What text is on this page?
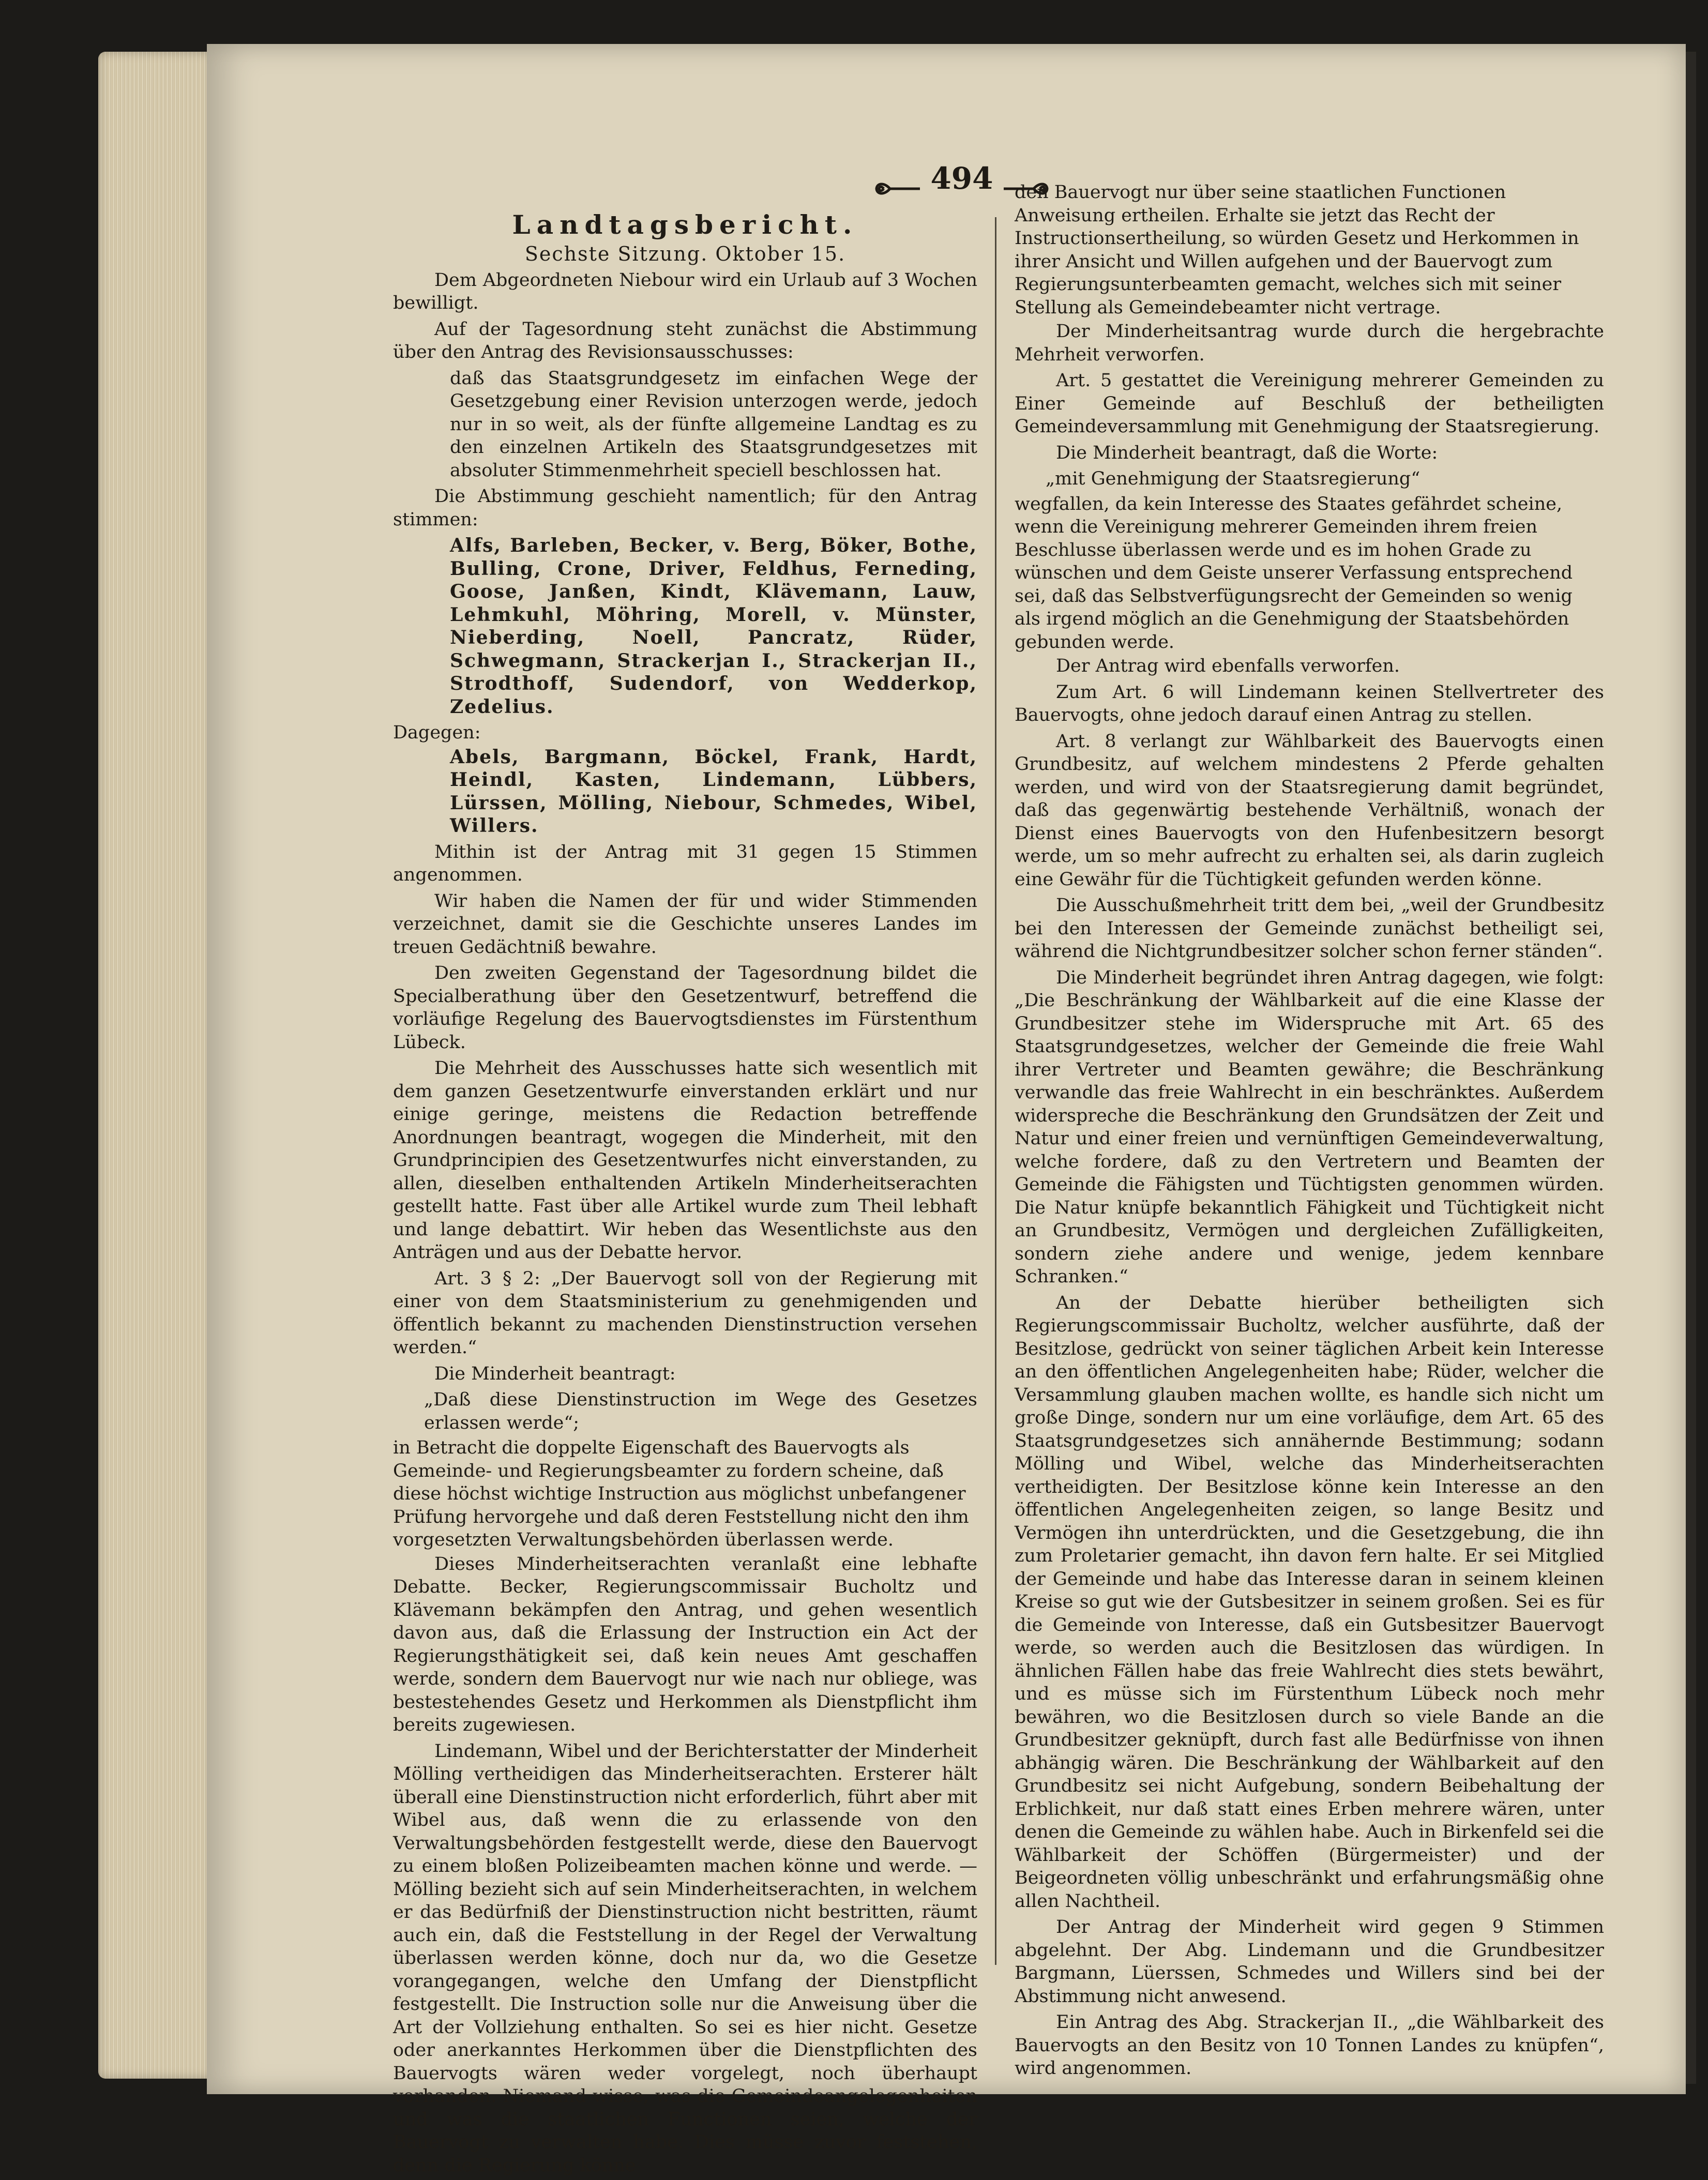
494
Landtagsbericht.
Sechste Sitzung. Oktober 15.

Dem Abgeordneten Niebour wird ein Urlaub auf 3 Wochen bewilligt.

Auf der Tagesordnung steht zunächst die Abstimmung über den Antrag des Revisionsausschusses:

daß das Staatsgrundgesetz im einfachen Wege der Gesetzgebung einer Revision unterzogen werde, jedoch nur in so weit, als der fünfte allgemeine Landtag es zu den einzelnen Artikeln des Staatsgrundgesetzes mit absoluter Stimmenmehrheit speciell beschlossen hat.

Die Abstimmung geschieht namentlich; für den Antrag stimmen:

Alfs, Barleben, Becker, v. Berg, Böker, Bothe, Bulling, Crone, Driver, Feldhus, Ferneding, Goose, Janßen, Kindt, Klävemann, Lauw, Lehmkuhl, Möhring, Morell, v. Münster, Nieberding, Noell, Pancratz, Rüder, Schwegmann, Strackerjan I., Strackerjan II., Strodthoff, Sudendorf, von Wedderkop, Zedelius.

Dagegen:

Abels, Bargmann, Böckel, Frank, Hardt, Heindl, Kasten, Lindemann, Lübbers, Lürssen, Mölling, Niebour, Schmedes, Wibel, Willers.

Mithin ist der Antrag mit 31 gegen 15 Stimmen angenommen.

Wir haben die Namen der für und wider Stimmenden verzeichnet, damit sie die Geschichte unseres Landes im treuen Gedächtniß bewahre.

Den zweiten Gegenstand der Tagesordnung bildet die Specialberathung über den Gesetzentwurf, betreffend die vorläufige Regelung des Bauervogtsdienstes im Fürstenthum Lübeck.

Die Mehrheit des Ausschusses hatte sich wesentlich mit dem ganzen Gesetzentwurfe einverstanden erklärt und nur einige geringe, meistens die Redaction betreffende Anordnungen beantragt, wogegen die Minderheit, mit den Grundprincipien des Gesetzentwurfes nicht einverstanden, zu allen, dieselben enthaltenden Artikeln Minderheitserachten gestellt hatte. Fast über alle Artikel wurde zum Theil lebhaft und lange debattirt. Wir heben das Wesentlichste aus den Anträgen und aus der Debatte hervor.

Art. 3 § 2: „Der Bauervogt soll von der Regierung mit einer von dem Staatsministerium zu genehmigenden und öffentlich bekannt zu machenden Dienstinstruction versehen werden.“

Die Minderheit beantragt:

„Daß diese Dienstinstruction im Wege des Gesetzes erlassen werde“;

in Betracht die doppelte Eigenschaft des Bauervogts als Gemeinde- und Regierungsbeamter zu fordern scheine, daß diese höchst wichtige Instruction aus möglichst unbefangener Prüfung hervorgehe und daß deren Feststellung nicht den ihm vorgesetzten Verwaltungsbehörden überlassen werde.

Dieses Minderheitserachten veranlaßt eine lebhafte Debatte. Becker, Regierungscommissair Bucholtz und Klävemann bekämpfen den Antrag, und gehen wesentlich davon aus, daß die Erlassung der Instruction ein Act der Regierungsthätigkeit sei, daß kein neues Amt geschaffen werde, sondern dem Bauervogt nur wie nach nur obliege, was bestestehendes Gesetz und Herkommen als Dienstpflicht ihm bereits zugewiesen.

Lindemann, Wibel und der Berichterstatter der Minderheit Mölling vertheidigen das Minderheitserachten. Ersterer hält überall eine Dienstinstruction nicht erforderlich, führt aber mit Wibel aus, daß wenn die zu erlassende von den Verwaltungsbehörden festgestellt werde, diese den Bauervogt zu einem bloßen Polizeibeamten machen könne und werde. — Mölling bezieht sich auf sein Minderheitserachten, in welchem er das Bedürfniß der Dienstinstruction nicht bestritten, räumt auch ein, daß die Feststellung in der Regel der Verwaltung überlassen werden könne, doch nur da, wo die Gesetze vorangegangen, welche den Umfang der Dienstpflicht festgestellt. Die Instruction solle nur die Anweisung über die Art der Vollziehung enthalten. So sei es hier nicht. Gesetze oder anerkanntes Herkommen über die Dienstpflichten des Bauervogts wären weder vorgelegt, noch überhaupt vorhanden. Niemand wisse, was die Gemeindeangelegenheiten und was die staatlichen Functionen seien, welche der Bauervogt zu verwalten habe. Dies müsse zuvor feststehen, denn die Regierung könne

den Bauervogt nur über seine staatlichen Functionen Anweisung ertheilen. Erhalte sie jetzt das Recht der Instructionsertheilung, so würden Gesetz und Herkommen in ihrer Ansicht und Willen aufgehen und der Bauervogt zum Regierungsunterbeamten gemacht, welches sich mit seiner Stellung als Gemeindebeamter nicht vertrage.

Der Minderheitsantrag wurde durch die hergebrachte Mehrheit verworfen.

Art. 5 gestattet die Vereinigung mehrerer Gemeinden zu Einer Gemeinde auf Beschluß der betheiligten Gemeindeversammlung mit Genehmigung der Staatsregierung.

Die Minderheit beantragt, daß die Worte:

„mit Genehmigung der Staatsregierung“

wegfallen, da kein Interesse des Staates gefährdet scheine, wenn die Vereinigung mehrerer Gemeinden ihrem freien Beschlusse überlassen werde und es im hohen Grade zu wünschen und dem Geiste unserer Verfassung entsprechend sei, daß das Selbstverfügungsrecht der Gemeinden so wenig als irgend möglich an die Genehmigung der Staatsbehörden gebunden werde.

Der Antrag wird ebenfalls verworfen.

Zum Art. 6 will Lindemann keinen Stellvertreter des Bauervogts, ohne jedoch darauf einen Antrag zu stellen.

Art. 8 verlangt zur Wählbarkeit des Bauervogts einen Grundbesitz, auf welchem mindestens 2 Pferde gehalten werden, und wird von der Staatsregierung damit begründet, daß das gegenwärtig bestehende Verhältniß, wonach der Dienst eines Bauervogts von den Hufenbesitzern besorgt werde, um so mehr aufrecht zu erhalten sei, als darin zugleich eine Gewähr für die Tüchtigkeit gefunden werden könne.

Die Ausschußmehrheit tritt dem bei, „weil der Grundbesitz bei den Interessen der Gemeinde zunächst betheiligt sei, während die Nichtgrundbesitzer solcher schon ferner ständen“.

Die Minderheit begründet ihren Antrag dagegen, wie folgt: „Die Beschränkung der Wählbarkeit auf die eine Klasse der Grundbesitzer stehe im Widerspruche mit Art. 65 des Staatsgrundgesetzes, welcher der Gemeinde die freie Wahl ihrer Vertreter und Beamten gewähre; die Beschränkung verwandle das freie Wahlrecht in ein beschränktes. Außerdem widerspreche die Beschränkung den Grundsätzen der Zeit und Natur und einer freien und vernünftigen Gemeindeverwaltung, welche fordere, daß zu den Vertretern und Beamten der Gemeinde die Fähigsten und Tüchtigsten genommen würden. Die Natur knüpfe bekanntlich Fähigkeit und Tüchtigkeit nicht an Grundbesitz, Vermögen und dergleichen Zufälligkeiten, sondern ziehe andere und wenige, jedem kennbare Schranken.“

An der Debatte hierüber betheiligten sich Regierungscommissair Bucholtz, welcher ausführte, daß der Besitzlose, gedrückt von seiner täglichen Arbeit kein Interesse an den öffentlichen Angelegenheiten habe; Rüder, welcher die Versammlung glauben machen wollte, es handle sich nicht um große Dinge, sondern nur um eine vorläufige, dem Art. 65 des Staatsgrundgesetzes sich annähernde Bestimmung; sodann Mölling und Wibel, welche das Minderheitserachten vertheidigten. Der Besitzlose könne kein Interesse an den öffentlichen Angelegenheiten zeigen, so lange Besitz und Vermögen ihn unterdrückten, und die Gesetzgebung, die ihn zum Proletarier gemacht, ihn davon fern halte. Er sei Mitglied der Gemeinde und habe das Interesse daran in seinem kleinen Kreise so gut wie der Gutsbesitzer in seinem großen. Sei es für die Gemeinde von Interesse, daß ein Gutsbesitzer Bauervogt werde, so werden auch die Besitzlosen das würdigen. In ähnlichen Fällen habe das freie Wahlrecht dies stets bewährt, und es müsse sich im Fürstenthum Lübeck noch mehr bewähren, wo die Besitzlosen durch so viele Bande an die Grundbesitzer geknüpft, durch fast alle Bedürfnisse von ihnen abhängig wären. Die Beschränkung der Wählbarkeit auf den Grundbesitz sei nicht Aufgebung, sondern Beibehaltung der Erblichkeit, nur daß statt eines Erben mehrere wären, unter denen die Gemeinde zu wählen habe. Auch in Birkenfeld sei die Wählbarkeit der Schöffen (Bürgermeister) und der Beigeordneten völlig unbeschränkt und erfahrungsmäßig ohne allen Nachtheil.

Der Antrag der Minderheit wird gegen 9 Stimmen abgelehnt. Der Abg. Lindemann und die Grundbesitzer Bargmann, Lüerssen, Schmedes und Willers sind bei der Abstimmung nicht anwesend.

Ein Antrag des Abg. Strackerjan II., „die Wählbarkeit des Bauervogts an den Besitz von 10 Tonnen Landes zu knüpfen“, wird angenommen.
